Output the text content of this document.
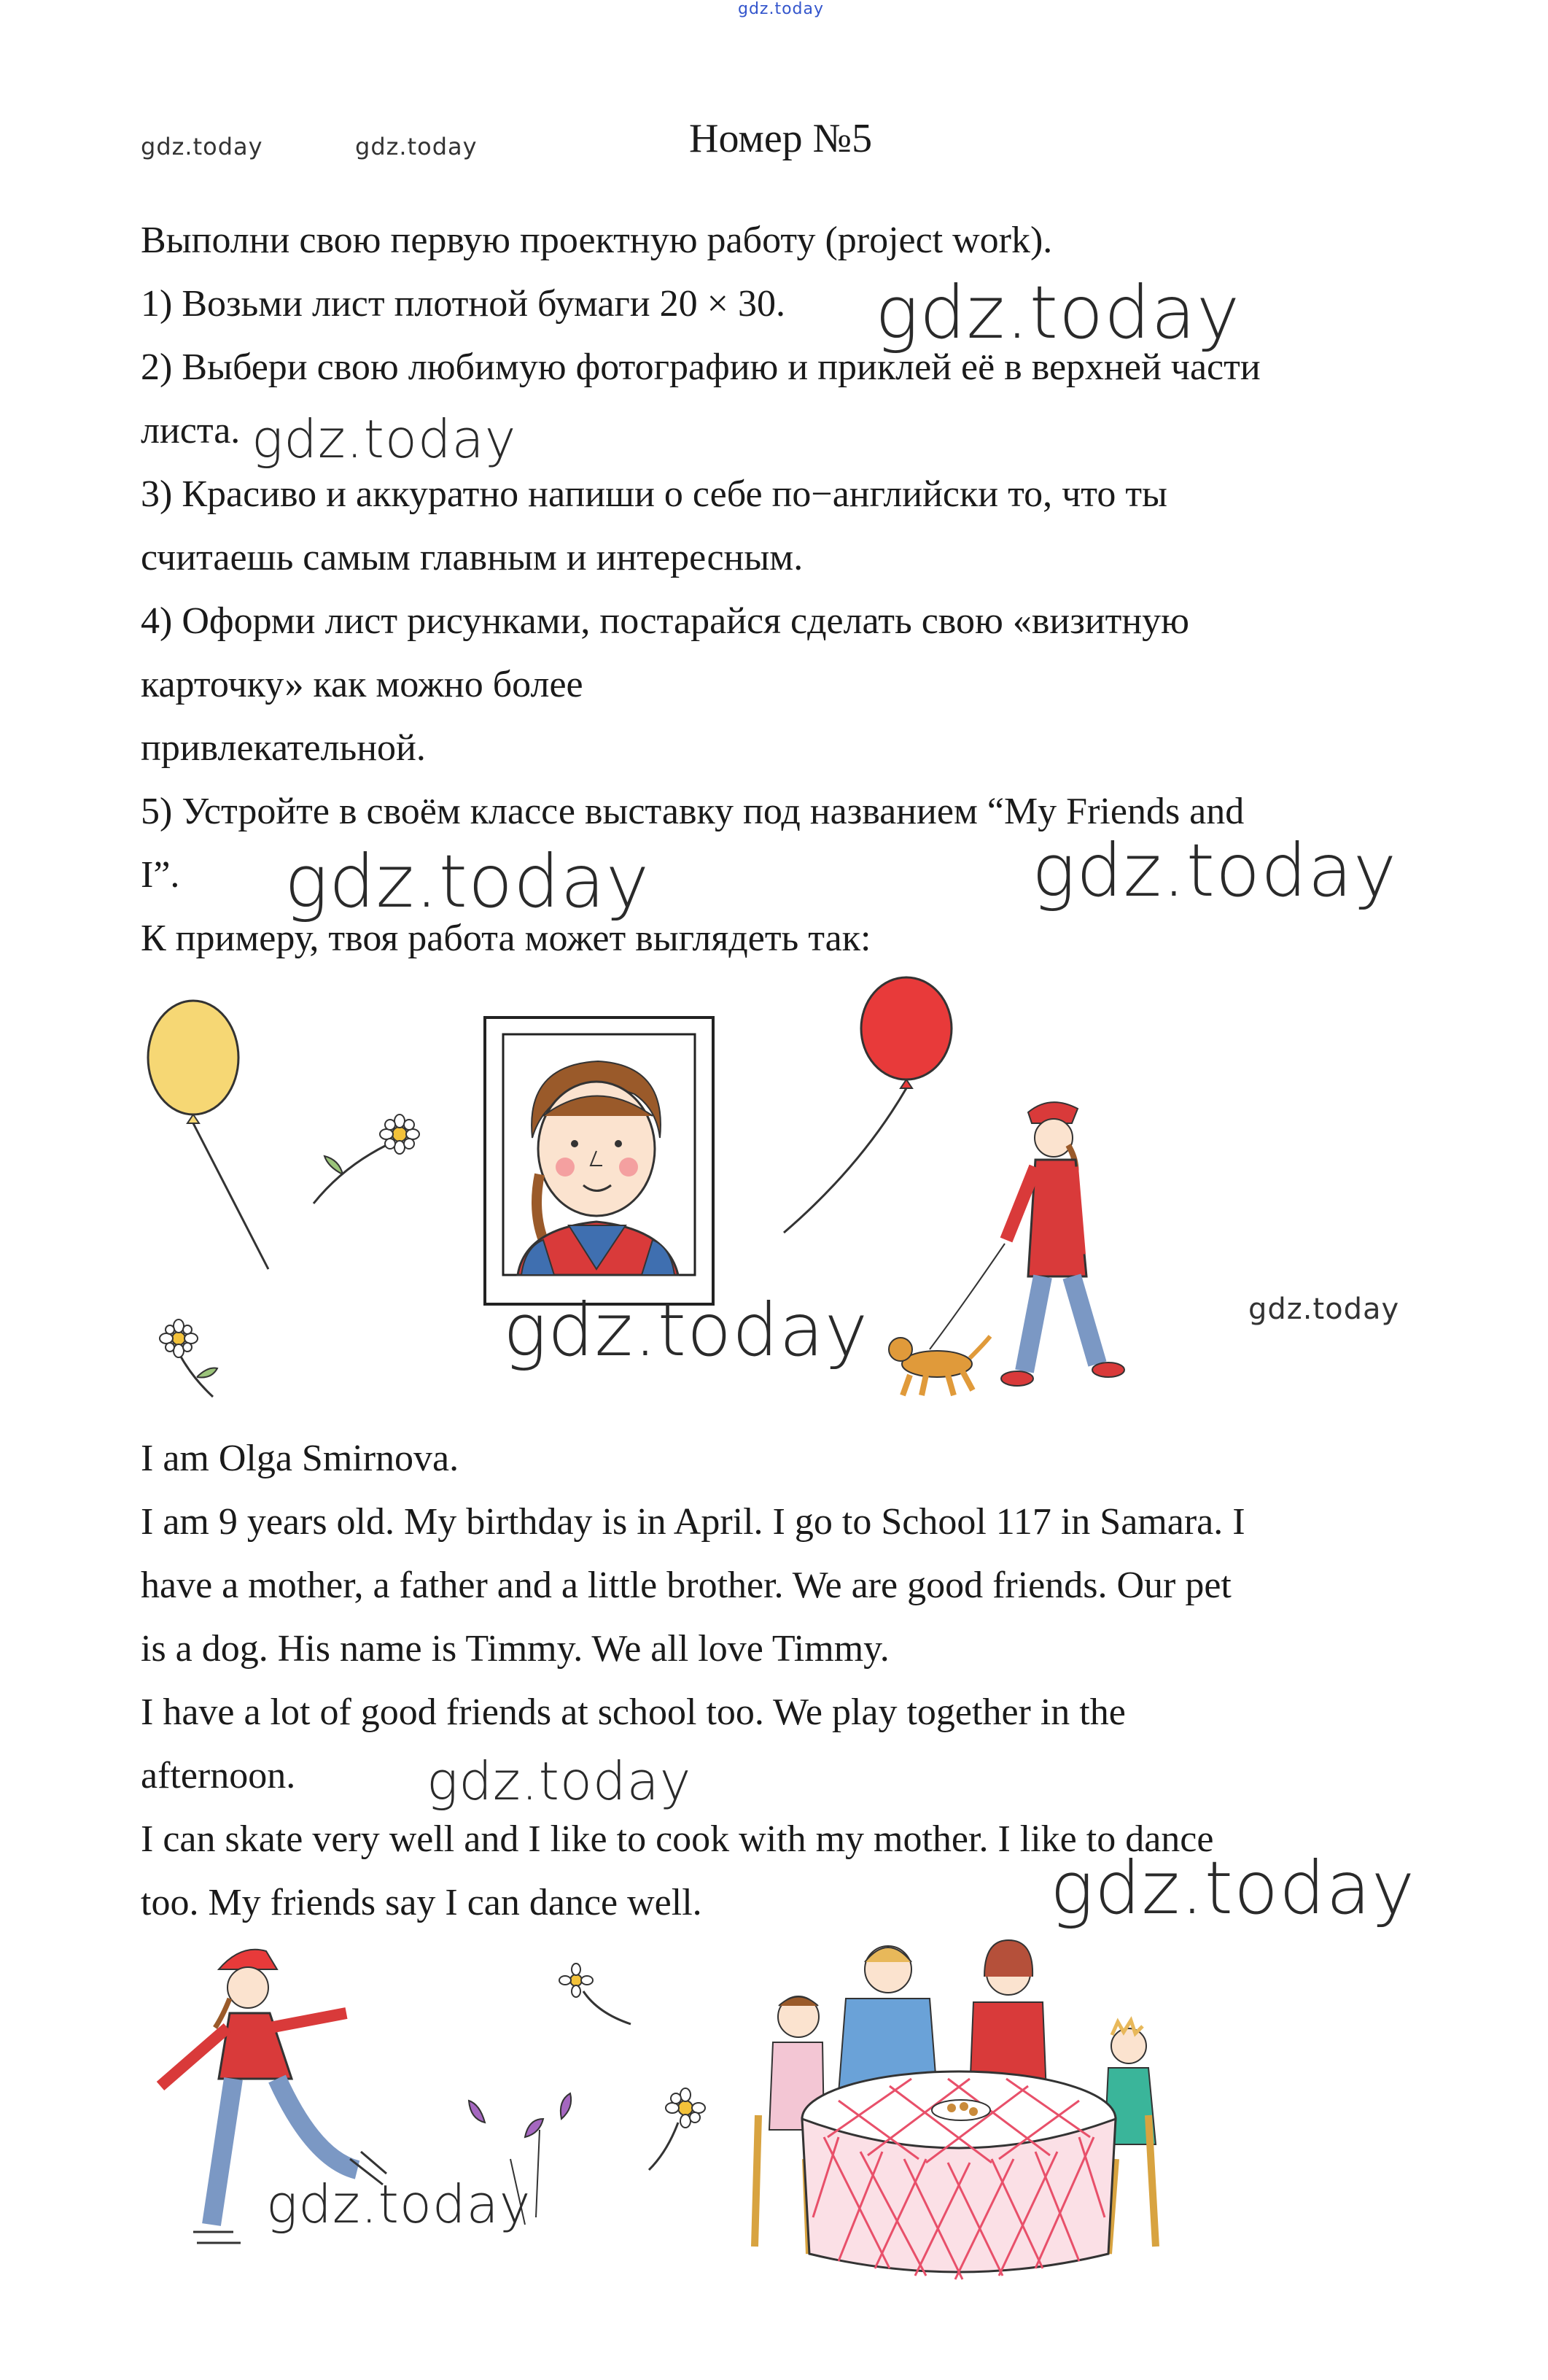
gdz.today
gdz.today	gdz.today	Номер №5
Выполни свою первую проектную работу (project work).
1) Возьми лист плотной бумаги 20 × 30.
2) Выбери свою любимую фотографию и приклей её в верхней части
листа.
3) Красиво и аккуратно напиши о себе по−английски то, что ты
считаешь самым главным и интересным.
4) Оформи лист рисунками, постарайся сделать свою «визитную
карточку» как можно более
привлекательной.
5) Устройте в своём классе выставку под названием “My Friends and
I”.
К примеру, твоя работа может выглядеть так:
gdz.today
gdz.today
gdz.today	gdz.today
gdz.today	gdz.today
I am Olga Smirnova.
I am 9 years old. My birthday is in April. I go to School 117 in Samara. I
have a mother, a father and a little brother. We are good friends. Our pet
is a dog. His name is Timmy. We all love Timmy.
I have a lot of good friends at school too. We play together in the
afternoon.
I can skate very well and I like to cook with my mother. I like to dance
too. My friends say I can dance well.
gdz.today
gdz.today
gdz.today
